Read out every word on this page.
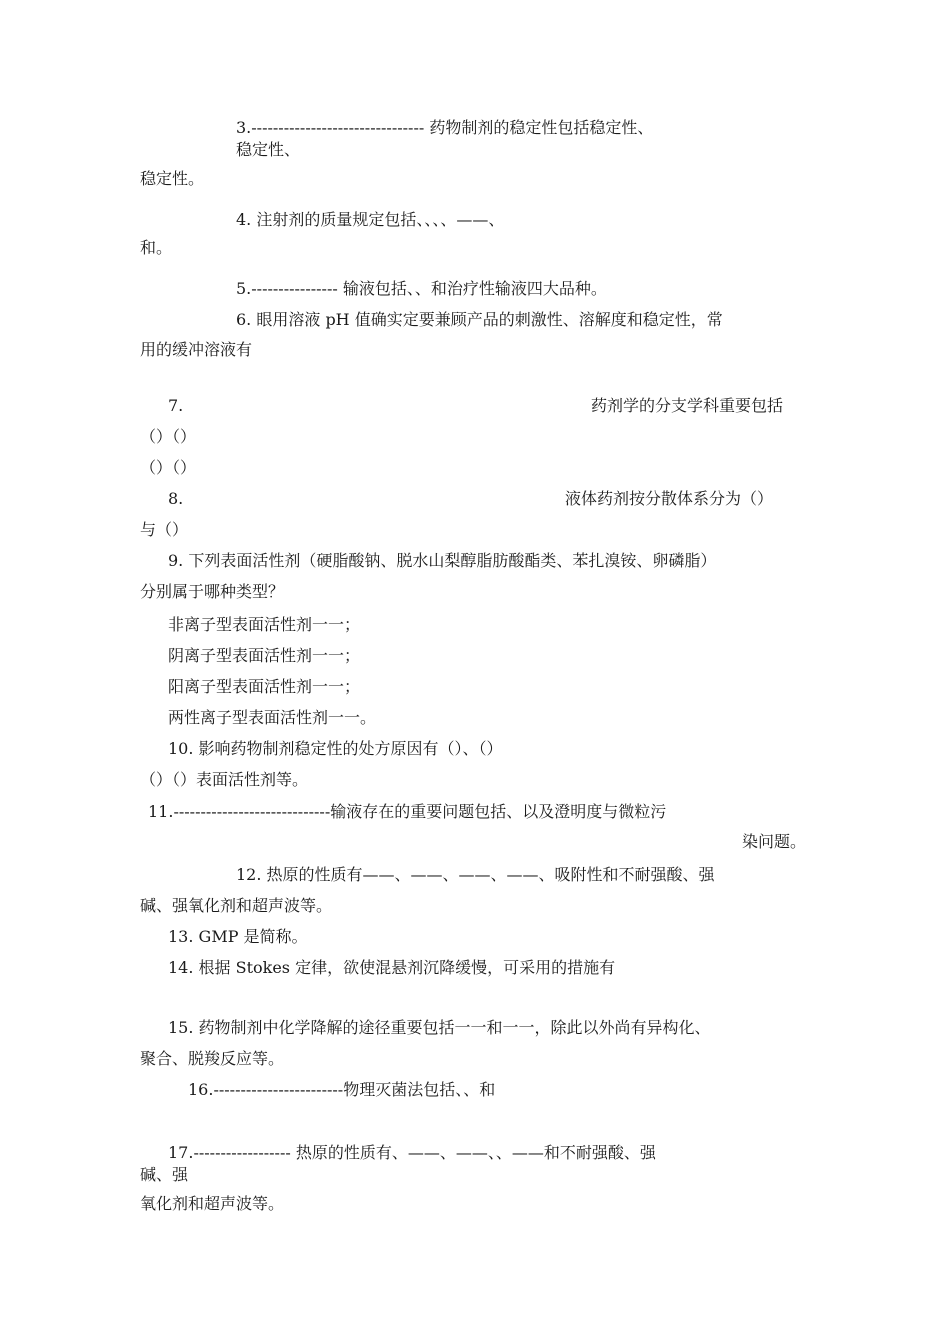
3.-------------------------------- 药物制剂的稳定性包括稳定性、
稳定性、
稳定性。
4. 注射剂的质量规定包括、、、、——、
和。
5.---------------- 输液包括、、和治疗性输液四大品种。
6. 眼用溶液 pH 值确实定要兼顾产品的刺激性、溶解度和稳定性，常
用的缓冲溶液有
7.	药剂学的分支学科重要包括
（）（）
（）（）
8.	液体药剂按分散体系分为（）
与（）
9. 下列表面活性剂（硬脂酸钠、脱水山梨醇脂肪酸酯类、苯扎溴铵、卵磷脂）
分别属于哪种类型？
非离子型表面活性剂一一；
阴离子型表面活性剂一一；
阳离子型表面活性剂一一；
两性离子型表面活性剂一一。
10. 影响药物制剂稳定性的处方原因有（）、（）
（）（）表面活性剂等。
11.-----------------------------输液存在的重要问题包括、以及澄明度与微粒污
染问题。
12. 热原的性质有——、——、——、——、吸附性和不耐强酸、强
碱、强氧化剂和超声波等。
13. GMP 是简称。
14. 根据 Stokes 定律，欲使混悬剂沉降缓慢，可采用的措施有
15. 药物制剂中化学降解的途径重要包括一一和一一，除此以外尚有异构化、
聚合、脱羧反应等。
16.------------------------物理灭菌法包括、、和
17.------------------ 热原的性质有、——、——、、——和不耐强酸、强
碱、强
氧化剂和超声波等。
